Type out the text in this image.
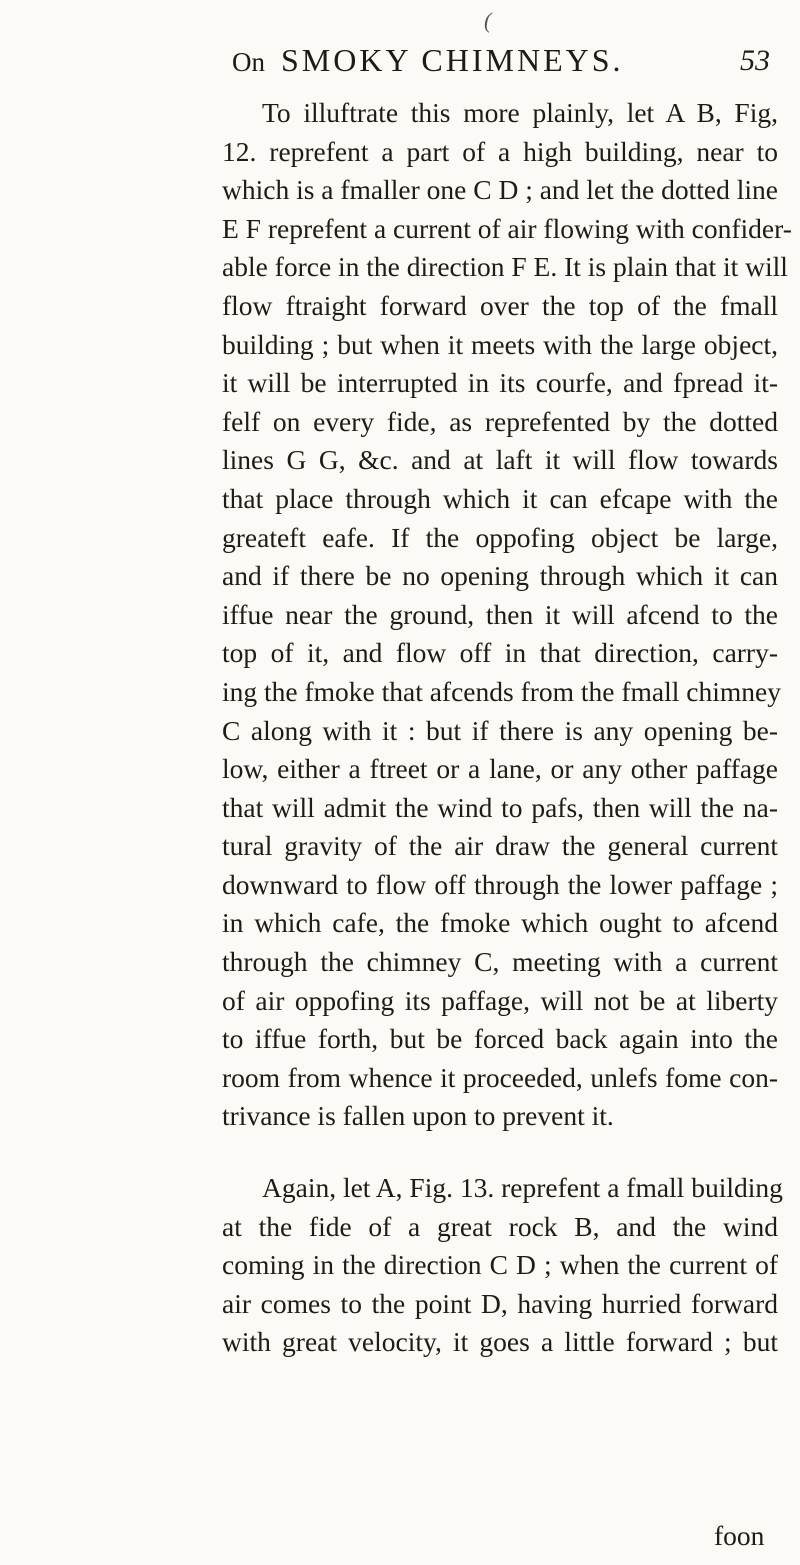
(
On SMOKY CHIMNEYS.	53
To illuftrate this more plainly, let A B, Fig,
12. reprefent a part of a high building, near to
which is a fmaller one C D ; and let the dotted line
E F reprefent a current of air flowing with confider-
able force in the direction F E. It is plain that it will
flow ftraight forward over the top of the fmall
building ; but when it meets with the large object,
it will be interrupted in its courfe, and fpread it-
felf on every fide, as reprefented by the dotted
lines G G, &c. and at laft it will flow towards
that place through which it can efcape with the
greateft eafe. If the oppofing object be large,
and if there be no opening through which it can
iffue near the ground, then it will afcend to the
top of it, and flow off in that direction, carry-
ing the fmoke that afcends from the fmall chimney
C along with it : but if there is any opening be-
low, either a ftreet or a lane, or any other paffage
that will admit the wind to pafs, then will the na-
tural gravity of the air draw the general current
downward to flow off through the lower paffage ;
in which cafe, the fmoke which ought to afcend
through the chimney C, meeting with a current
of air oppofing its paffage, will not be at liberty
to iffue forth, but be forced back again into the
room from whence it proceeded, unlefs fome con-
trivance is fallen upon to prevent it.
Again, let A, Fig. 13. reprefent a fmall building
at the fide of a great rock B, and the wind
coming in the direction C D ; when the current of
air comes to the point D, having hurried forward
with great velocity, it goes a little forward ; but
foon
